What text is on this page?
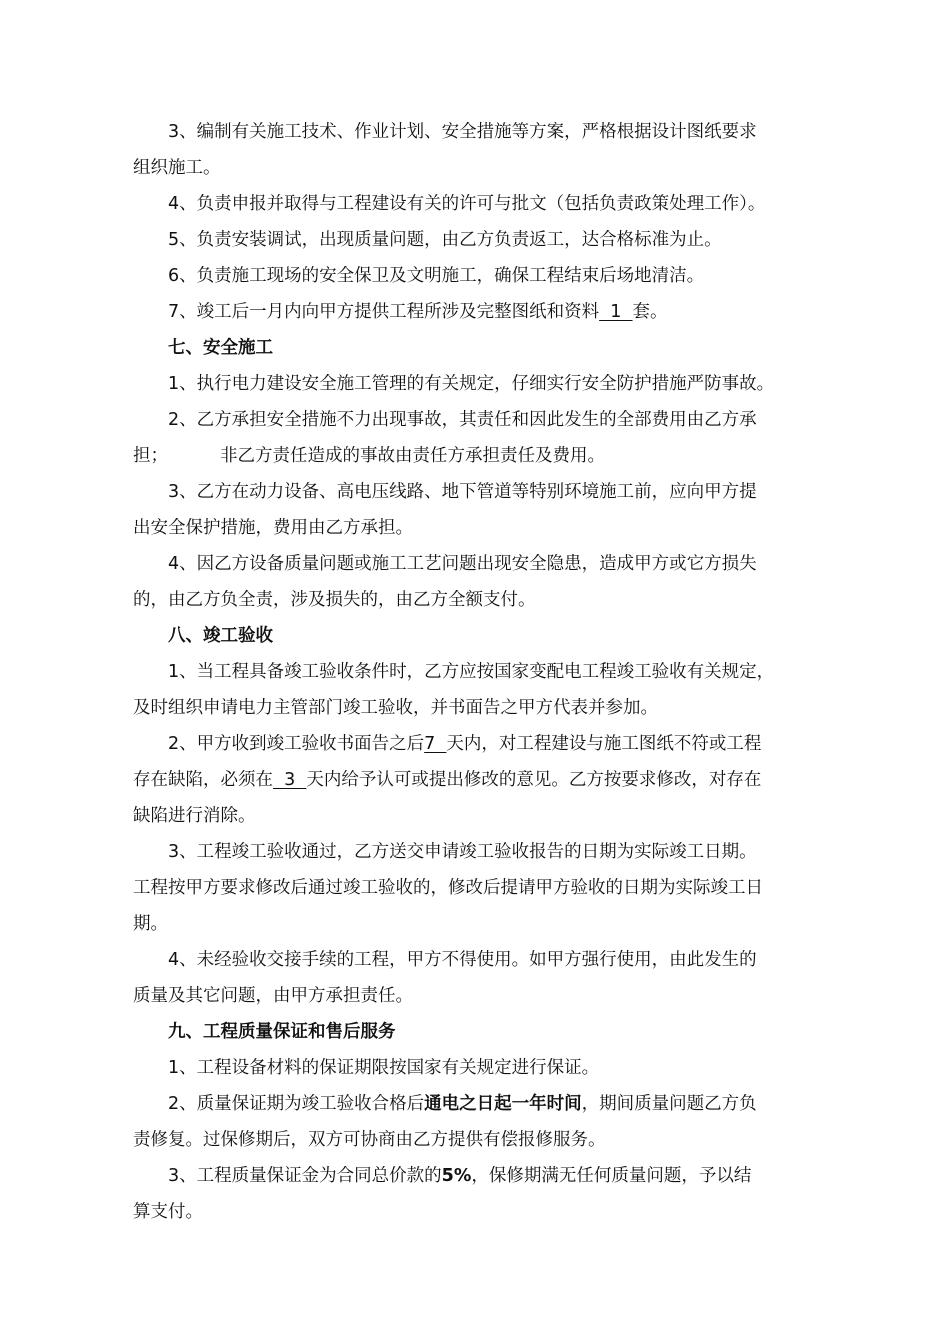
3、编制有关施工技术、作业计划、安全措施等方案，严格根据设计图纸要求
组织施工。
4、负责申报并取得与工程建设有关的许可与批文（包括负责政策处理工作）。
5、负责安装调试，出现质量问题，由乙方负责返工，达合格标准为止。
6、负责施工现场的安全保卫及文明施工，确保工程结束后场地清洁。
7、竣工后一月内向甲方提供工程所涉及完整图纸和资料  1  套。
七、安全施工
1、执行电力建设安全施工管理的有关规定，仔细实行安全防护措施严防事故。
2、乙方承担安全措施不力出现事故，其责任和因此发生的全部费用由乙方承
担；	非乙方责任造成的事故由责任方承担责任及费用。
3、乙方在动力设备、高电压线路、地下管道等特别环境施工前，应向甲方提
出安全保护措施，费用由乙方承担。
4、因乙方设备质量问题或施工工艺问题出现安全隐患，造成甲方或它方损失
的，由乙方负全责，涉及损失的，由乙方全额支付。
八、竣工验收
1、当工程具备竣工验收条件时，乙方应按国家变配电工程竣工验收有关规定，
及时组织申请电力主管部门竣工验收，并书面告之甲方代表并参加。
2、甲方收到竣工验收书面告之后7  天内，对工程建设与施工图纸不符或工程
存在缺陷，必须在  3  天内给予认可或提出修改的意见。乙方按要求修改，对存在
缺陷进行消除。
3、工程竣工验收通过，乙方送交申请竣工验收报告的日期为实际竣工日期。
工程按甲方要求修改后通过竣工验收的，修改后提请甲方验收的日期为实际竣工日
期。
4、未经验收交接手续的工程，甲方不得使用。如甲方强行使用，由此发生的
质量及其它问题，由甲方承担责任。
九、工程质量保证和售后服务
1、工程设备材料的保证期限按国家有关规定进行保证。
2、质量保证期为竣工验收合格后通电之日起一年时间，期间质量问题乙方负
责修复。过保修期后，双方可协商由乙方提供有偿报修服务。
3、工程质量保证金为合同总价款的5%，保修期满无任何质量问题，予以结
算支付。
